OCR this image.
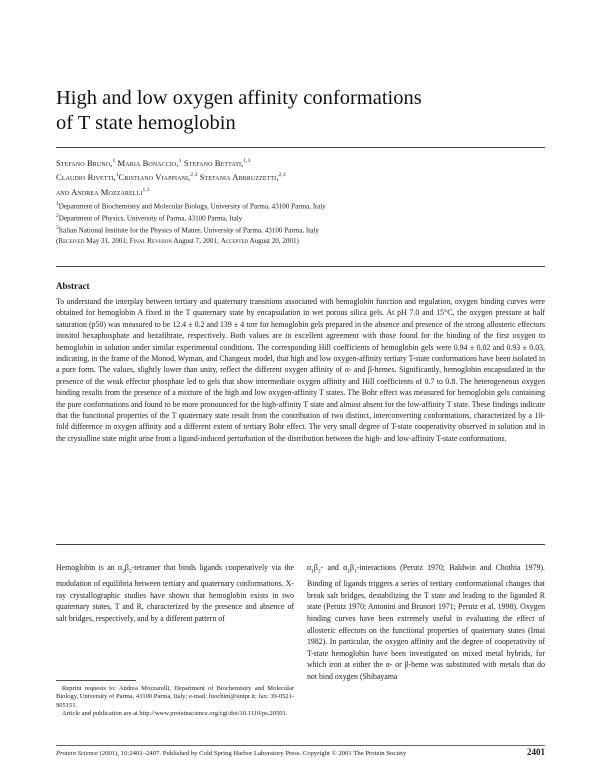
High and low oxygen affinity conformations
of T state hemoglobin
Stefano Bruno,$^1$ Maria Bonaccio,$^1$ Stefano Bettati,$^{1,3}$
Claudio Rivetti,$^1$Cristiano Viappiani,$^{2,3}$ Stefania Abbruzzetti,$^{2,3}$
and Andrea Mozzarelli$^{1,3}$
$^1$Department of Biochemistry and Molecular Biology, University of Parma, 43100 Parma, Italy
$^2$Department of Physics, University of Parma, 43100 Parma, Italy
$^3$Italian National Institute for the Physics of Matter, University of Parma, 43100 Parma, Italy
(Received May 31, 2001; Final Revision August 7, 2001; Accepted August 20, 2001)
Abstract

To understand the interplay between tertiary and quaternary transitions associated with hemoglobin function and regulation, oxygen binding curves were obtained for hemoglobin A fixed in the T quaternary state by encapsulation in wet porous silica gels. At pH 7.0 and 15°C, the oxygen pressure at half saturation (p50) was measured to be 12.4 ± 0.2 and 139 ± 4 torr for hemoglobin gels prepared in the absence and presence of the strong allosteric effectors inositol hexaphosphate and bezafibrate, respectively. Both values are in excellent agreement with those found for the binding of the first oxygen to hemoglobin in solution under similar experimental conditions. The corresponding Hill coefficients of hemoglobin gels were 0.94 ± 0.02 and 0.93 ± 0.03, indicating, in the frame of the Monod, Wyman, and Changeux model, that high and low oxygen-affinity tertiary T-state conformations have been isolated in a pure form. The values, slightly lower than unity, reflect the different oxygen affinity of α- and β-hemes. Significantly, hemoglobin encapsulated in the presence of the weak effector phosphate led to gels that show intermediate oxygen affinity and Hill coefficients of 0.7 to 0.8. The heterogeneous oxygen binding results from the presence of a mixture of the high and low oxygen-affinity T states. The Bohr effect was measured for hemoglobin gels containing the pure conformations and found to be more pronounced for the high-affinity T state and almost absent for the low-affinity T state. These findings indicate that the functional properties of the T quaternary state result from the contribution of two distinct, interconverting conformations, characterized by a 10-fold difference in oxygen affinity and a different extent of tertiary Bohr effect. The very small degree of T-state cooperativity observed in solution and in the crystalline state might arise from a ligand-induced perturbation of the distribution between the high- and low-affinity T-state conformations.

Hemoglobin is an $\alpha_2\beta_2$-tetramer that binds ligands cooperatively via the modulation of equilibria between tertiary and quaternary conformations. X-ray crystallographic studies have shown that hemoglobin exists in two quaternary states, T and R, characterized by the presence and absence of salt bridges, respectively, and by a different pattern of

$\alpha_1\beta_2-$ and $\alpha_1\beta_1$-interactions (Perutz 1970; Baldwin and Chothia 1979). Binding of ligands triggers a series of tertiary conformational changes that break salt bridges, destabilizing the T state and leading to the liganded R state (Perutz 1970; Antonini and Brunori 1971; Perutz et al. 1998). Oxygen binding curves have been extremely useful in evaluating the effect of allosteric effectors on the functional properties of quaternary states (Imai 1982). In particular, the oxygen affinity and the degree of cooperativity of T-state hemoglobin have been investigated on mixed metal hybrids, for which iron at either the α- or β-heme was substituted with metals that do not bind oxygen (Shibayama

Reprint requests to: Andrea Mozzarelli, Department of Biochemistry and Molecular Biology, University of Parma, 43100 Parma, Italy; e-mail: biochim@unipr.it; fax: 39-0521-905151.

Article and publication are at http://www.proteinscience.org/cgi/doi/10.1110/ps.20501.

Protein Science (2001), 10:2401–2407. Published by Cold Spring Harbor Laboratory Press. Copyright © 2001 The Protein Society	2401
